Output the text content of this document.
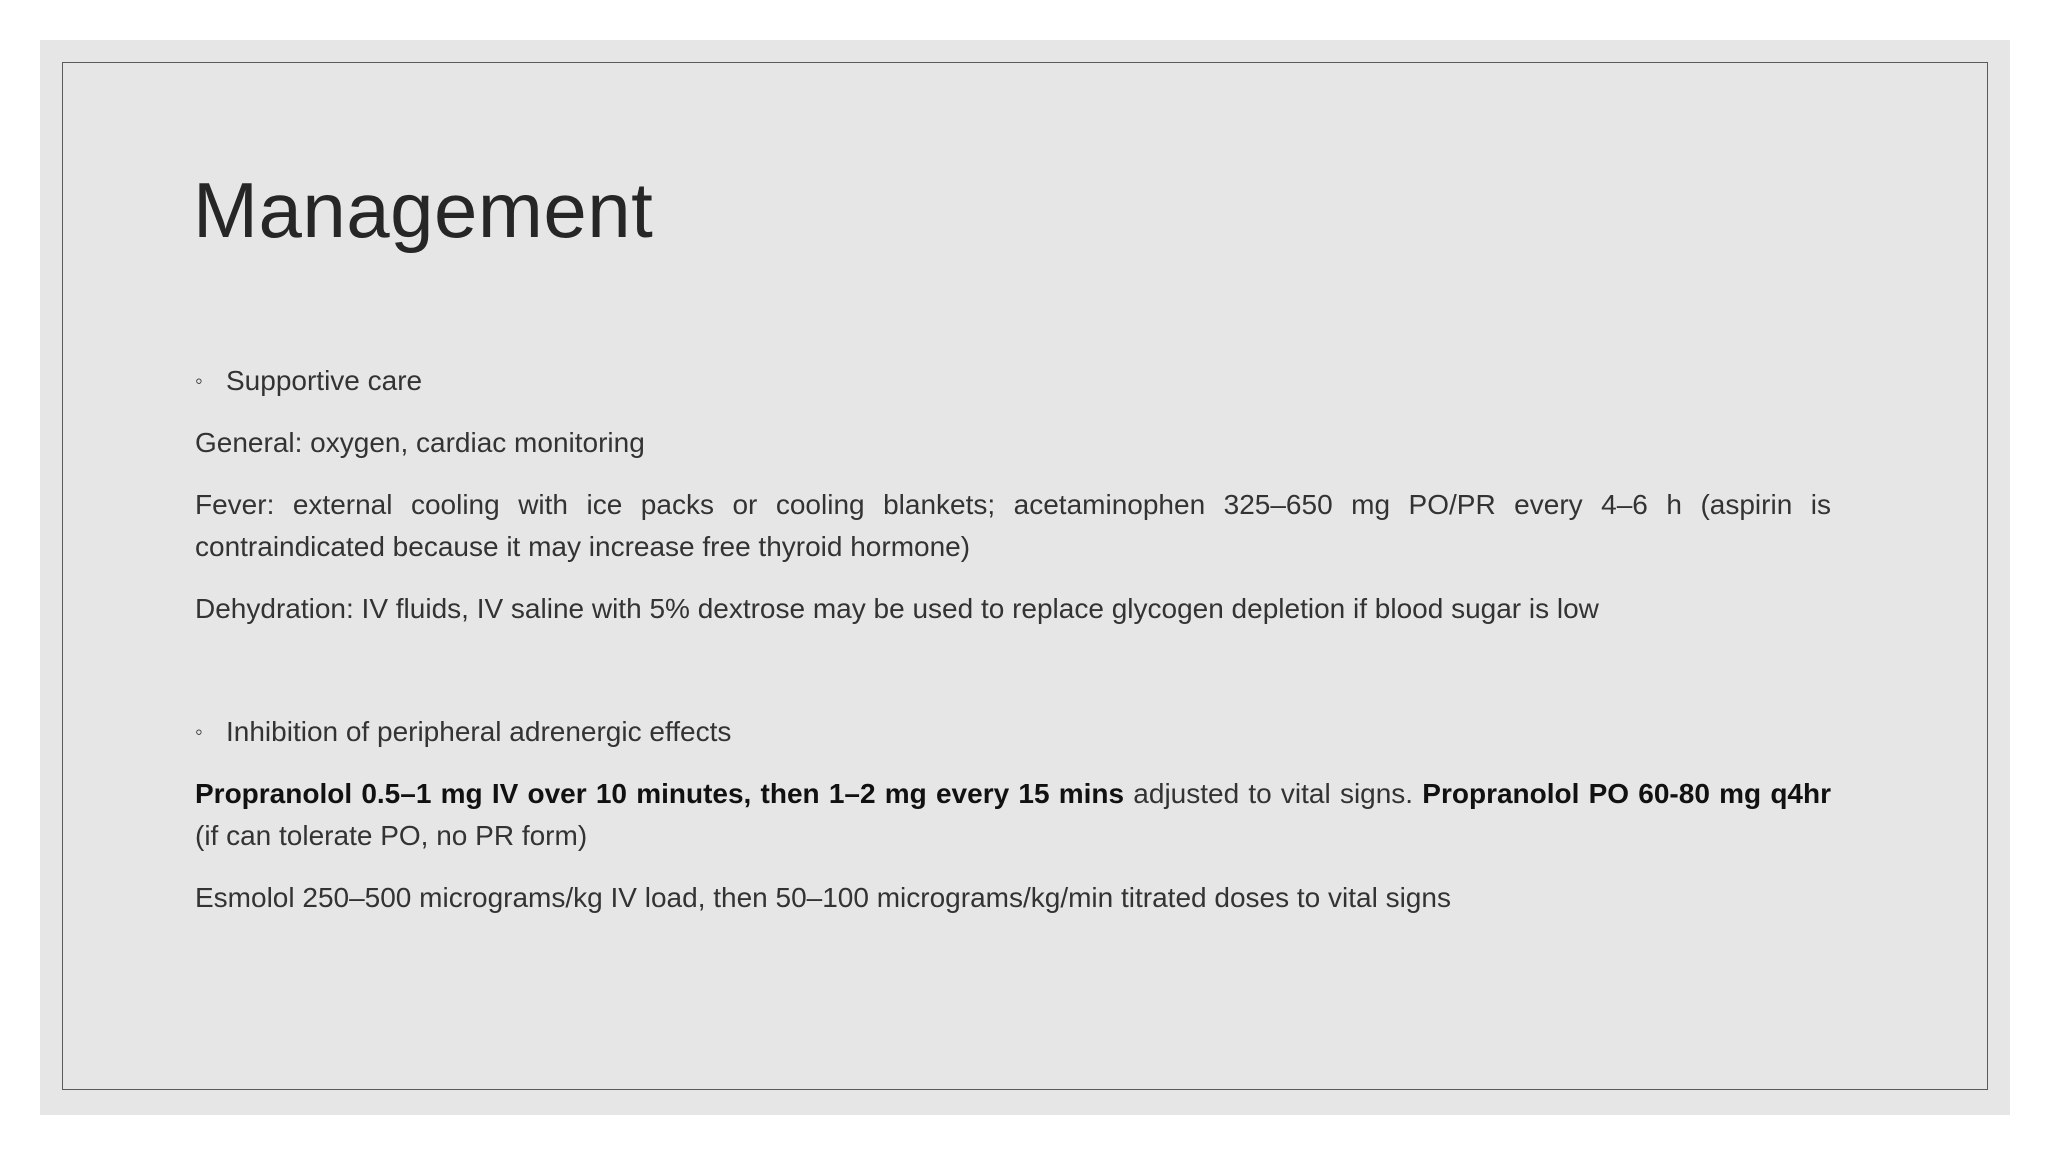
Management
◦ Supportive care

General: oxygen, cardiac monitoring

Fever: external cooling with ice packs or cooling blankets; acetaminophen 325–650 mg PO/PR every 4–6 h (aspirin is contraindicated because it may increase free thyroid hormone)

Dehydration: IV fluids, IV saline with 5% dextrose may be used to replace glycogen depletion if blood sugar is low

◦ Inhibition of peripheral adrenergic effects

Propranolol 0.5–1 mg IV over 10 minutes, then 1–2 mg every 15 mins adjusted to vital signs. Propranolol PO 60-80 mg q4hr (if can tolerate PO, no PR form)

Esmolol 250–500 micrograms/kg IV load, then 50–100 micrograms/kg/min titrated doses to vital signs
